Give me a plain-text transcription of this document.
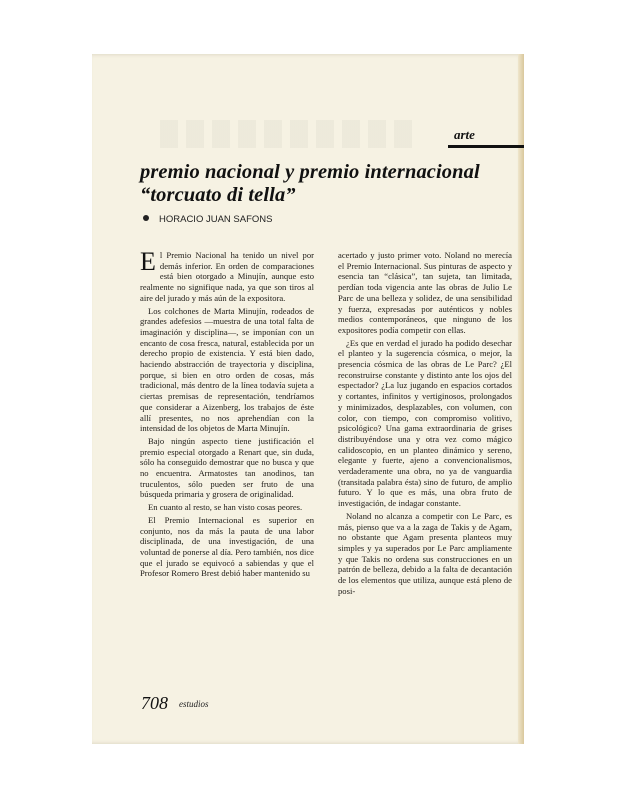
arte
premio nacional y premio internacional
“torcuato di tella”
HORACIO JUAN SAFONS

El Premio Nacional ha tenido un nivel por demás inferior. En orden de comparaciones está bien otorgado a Minujín, aunque esto realmente no signifique nada, ya que son tiros al aire del jurado y más aún de la expositora.

Los colchones de Marta Minujín, rodeados de grandes adefesios —muestra de una total falta de imaginación y disciplina—, se imponían con un encanto de cosa fresca, natural, establecida por un derecho propio de existencia. Y está bien dado, haciendo abstracción de trayectoria y disciplina, porque, si bien en otro orden de cosas, más tradicional, más dentro de la línea todavía sujeta a ciertas premisas de representación, tendríamos que considerar a Aizenberg, los trabajos de éste allí presentes, no nos aprehendían con la intensidad de los objetos de Marta Minujín.

Bajo ningún aspecto tiene justificación el premio especial otorgado a Renart que, sin duda, sólo ha conseguido demostrar que no busca y que no encuentra. Armatostes tan anodinos, tan truculentos, sólo pueden ser fruto de una búsqueda primaria y grosera de originalidad.

En cuanto al resto, se han visto cosas peores.

El Premio Internacional es superior en conjunto, nos da más la pauta de una labor disciplinada, de una investigación, de una voluntad de ponerse al día. Pero también, nos dice que el jurado se equivocó a sabiendas y que el Profesor Romero Brest debió haber mantenido su

acertado y justo primer voto. Noland no merecía el Premio Internacional. Sus pinturas de aspecto y esencia tan “clásica”, tan sujeta, tan limitada, perdían toda vigencia ante las obras de Julio Le Parc de una belleza y solidez, de una sensibilidad y fuerza, expresadas por auténticos y nobles medios contemporáneos, que ninguno de los expositores podía competir con ellas.

¿Es que en verdad el jurado ha podido desechar el planteo y la sugerencia cósmica, o mejor, la presencia cósmica de las obras de Le Parc? ¿El reconstruirse constante y distinto ante los ojos del espectador? ¿La luz jugando en espacios cortados y cortantes, infinitos y vertiginosos, prolongados y minimizados, desplazables, con volumen, con color, con tiempo, con compromiso volitivo, psicológico? Una gama extraordinaria de grises distribuyéndose una y otra vez como mágico calidoscopio, en un planteo dinámico y sereno, elegante y fuerte, ajeno a convencionalismos, verdaderamente una obra, no ya de vanguardia (transitada palabra ésta) sino de futuro, de amplio futuro. Y lo que es más, una obra fruto de investigación, de indagar constante.

Noland no alcanza a competir con Le Parc, es más, pienso que va a la zaga de Takis y de Agam, no obstante que Agam presenta planteos muy simples y ya superados por Le Parc ampliamente y que Takis no ordena sus construcciones en un patrón de belleza, debido a la falta de decantación de los elementos que utiliza, aunque está pleno de posi-

708 estudios
